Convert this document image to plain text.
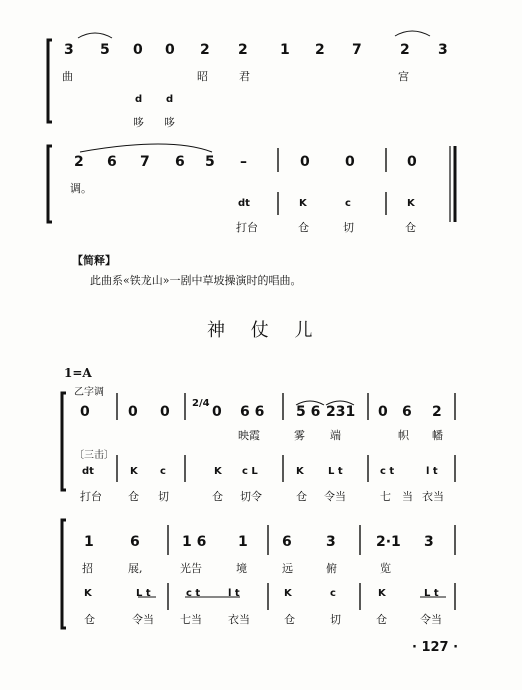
3 5 0 0 2 2 1 2 7	2 3
曲	昭	君	宫
d d
哆 哆
2 6 7 6 5 –	0	0	0
调。
dt	K	c	K
打台	仓	切	仓
【简释】
此曲系«铁龙山»一剧中草坡操演时的唱曲。
神 仗 儿
1=A
乙字调
0	0 0
2/4
0 6 6 5 6 231 0 6 2
映霞	雾 端	帜 幡
〔三击〕
dt	K c	K c L	K L t	c t	l t
打台 仓 切	仓 切令	仓 令当	七 当 衣当
1	6	1 6 1 6 3	2·1 3
招	展,	光告	境	远	俯	览
K	L t	c t	l t	K	c	K	L t
仓	令当 七当 衣当	仓	切	仓	令当
· 127 ·
